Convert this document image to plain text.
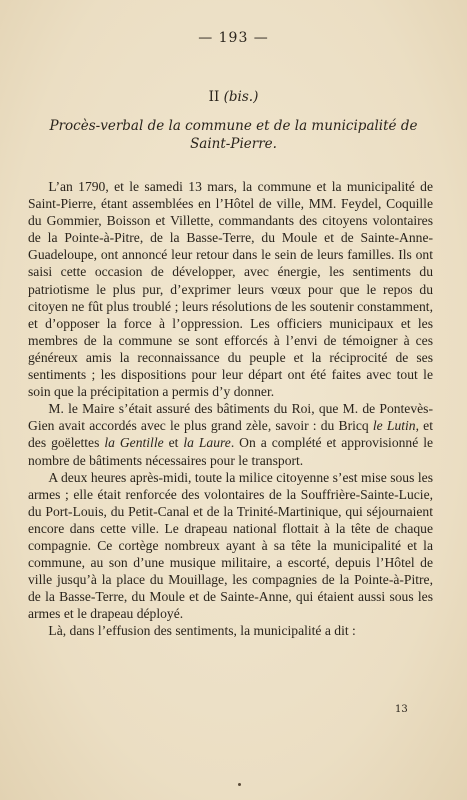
— 193 —
II (bis.)
Procès-verbal de la commune et de la municipalité de
Saint-Pierre.

L’an 1790, et le samedi 13 mars, la commune et la municipalité de Saint-Pierre, étant assemblées en l’Hôtel de ville, MM. Feydel, Coquille du Gommier, Boisson et Villette, commandants des citoyens volontaires de la Pointe-à-Pitre, de la Basse-Terre, du Moule et de Sainte-Anne-Guadeloupe, ont annoncé leur retour dans le sein de leurs familles. Ils ont saisi cette occasion de développer, avec énergie, les sentiments du patriotisme le plus pur, d’exprimer leurs vœux pour que le repos du citoyen ne fût plus troublé ; leurs résolutions de les soutenir constamment, et d’opposer la force à l’oppression. Les officiers municipaux et les membres de la commune se sont efforcés à l’envi de témoigner à ces généreux amis la reconnaissance du peuple et la réciprocité de ses sentiments ; les dispositions pour leur départ ont été faites avec tout le soin que la précipitation a permis d’y donner.

M. le Maire s’était assuré des bâtiments du Roi, que M. de Pontevès-Gien avait accordés avec le plus grand zèle, savoir : du Bricq le Lutin, et des goëlettes la Gentille et la Laure. On a complété et approvisionné le nombre de bâtiments nécessaires pour le transport.

A deux heures après-midi, toute la milice citoyenne s’est mise sous les armes ; elle était renforcée des volontaires de la Souffrière-Sainte-Lucie, du Port-Louis, du Petit-Canal et de la Trinité-Martinique, qui séjournaient encore dans cette ville. Le drapeau national flottait à la tête de chaque compagnie. Ce cortège nombreux ayant à sa tête la municipalité et la commune, au son d’une musique militaire, a escorté, depuis l’Hôtel de ville jusqu’à la place du Mouillage, les compagnies de la Pointe-à-Pitre, de la Basse-Terre, du Moule et de Sainte-Anne, qui étaient aussi sous les armes et le drapeau déployé.

Là, dans l’effusion des sentiments, la municipalité a dit :

13
